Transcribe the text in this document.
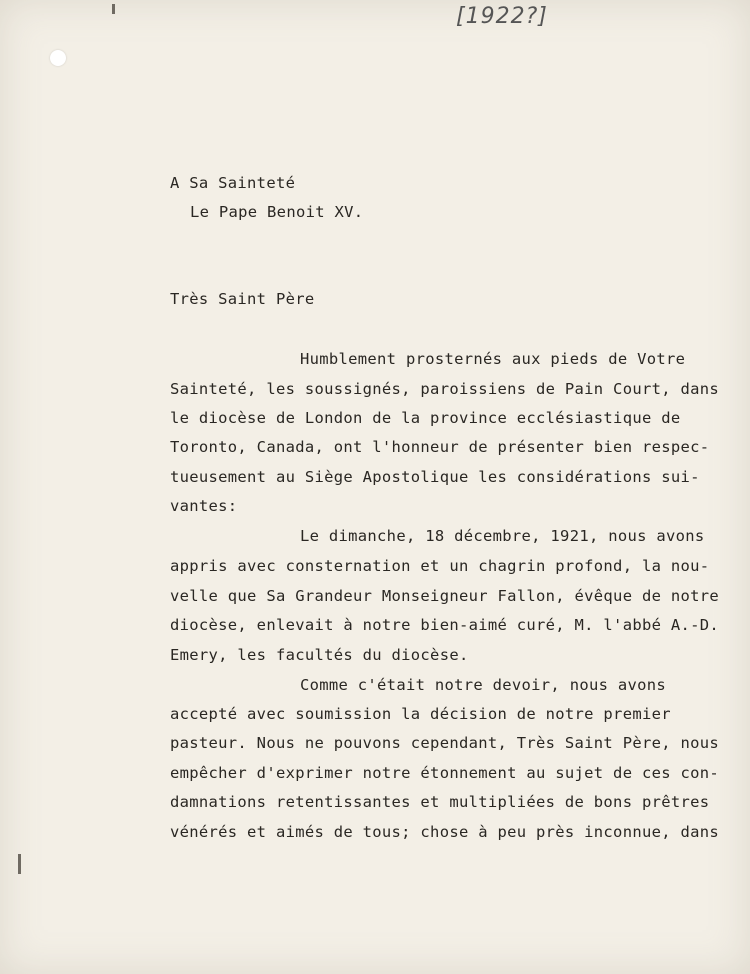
[1922?]
A Sa Sainteté
Le Pape Benoit XV.
Très Saint Père
Humblement prosternés aux pieds de Votre
Sainteté, les soussignés, paroissiens de Pain Court, dans
le diocèse de London de la province ecclésiastique de
Toronto, Canada, ont l'honneur de présenter bien respec-
tueusement au Siège Apostolique les considérations sui-
vantes:
Le dimanche, 18 décembre, 1921, nous avons
appris avec consternation et un chagrin profond, la nou-
velle que Sa Grandeur Monseigneur Fallon, évêque de notre
diocèse, enlevait à notre bien-aimé curé, M. l'abbé A.-D.
Emery, les facultés du diocèse.
Comme c'était notre devoir, nous avons
accepté avec soumission la décision de notre premier
pasteur. Nous ne pouvons cependant, Très Saint Père, nous
empêcher d'exprimer notre étonnement au sujet de ces con-
damnations retentissantes et multipliées de bons prêtres
vénérés et aimés de tous; chose à peu près inconnue, dans
